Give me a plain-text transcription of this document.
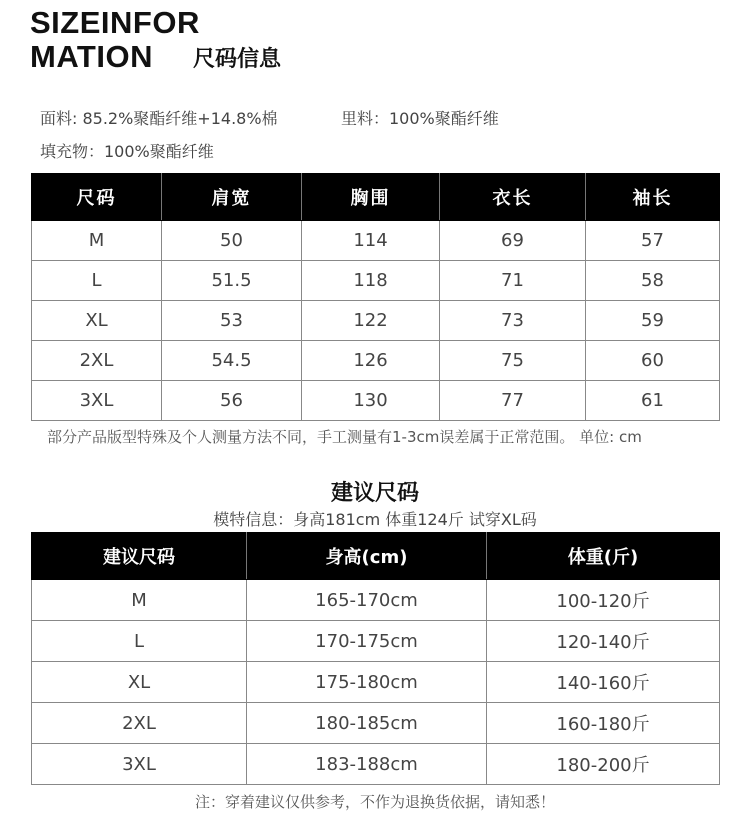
SIZEINFOR
MATION	尺码信息
面料: 85.2%聚酯纤维+14.8%棉	里料：100%聚酯纤维
填充物：100%聚酯纤维
尺码	肩宽	胸围	衣长	袖长
M	50	114	69	57
L	51.5	118	71	58
XL	53	122	73	59
2XL	54.5	126	75	60
3XL	56	130	77	61
部分产品版型特殊及个人测量方法不同，手工测量有1-3cm误差属于正常范围。 单位: cm
建议尺码
模特信息：身高181cm 体重124斤 试穿XL码
建议尺码	身高(cm)	体重(斤)
M	165-170cm	100-120斤
L	170-175cm	120-140斤
XL	175-180cm	140-160斤
2XL	180-185cm	160-180斤
3XL	183-188cm	180-200斤
注：穿着建议仅供参考，不作为退换货依据，请知悉！
